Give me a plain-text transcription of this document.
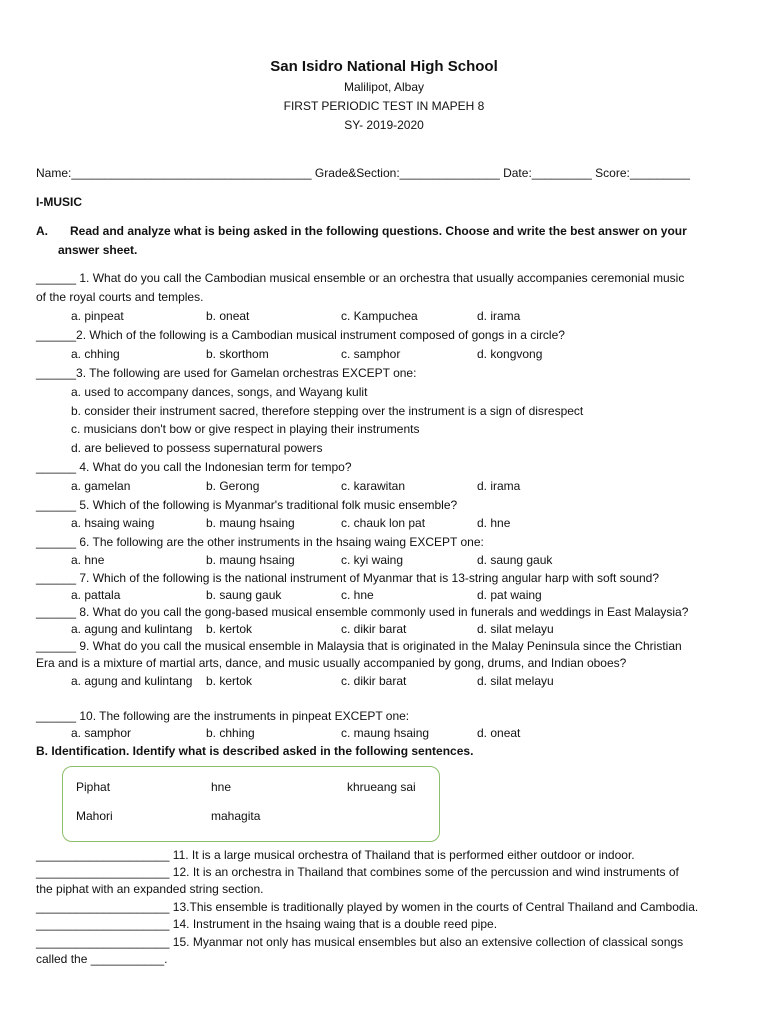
San Isidro National High School
Malilipot, Albay
FIRST PERIODIC TEST IN MAPEH 8
SY- 2019-2020
Name:____________________________________ Grade&Section:_______________ Date:_________ Score:_________
I-MUSIC
A. Read and analyze what is being asked in the following questions. Choose and write the best answer on your
answer sheet.
______ 1. What do you call the Cambodian musical ensemble or an orchestra that usually accompanies ceremonial music
of the royal courts and temples.
a. pinpeat	b. oneat	c. Kampuchea	d. irama
______2. Which of the following is a Cambodian musical instrument composed of gongs in a circle?
a. chhing	b. skorthom	c. samphor	d. kongvong
______3. The following are used for Gamelan orchestras EXCEPT one:
a. used to accompany dances, songs, and Wayang kulit
b. consider their instrument sacred, therefore stepping over the instrument is a sign of disrespect
c. musicians don't bow or give respect in playing their instruments
d. are believed to possess supernatural powers
______ 4. What do you call the Indonesian term for tempo?
a. gamelan	b. Gerong	c. karawitan	d. irama
______ 5. Which of the following is Myanmar's traditional folk music ensemble?
a. hsaing waing	b. maung hsaing	c. chauk lon pat	d. hne
______ 6. The following are the other instruments in the hsaing waing EXCEPT one:
a. hne	b. maung hsaing	c. kyi waing	d. saung gauk
______ 7. Which of the following is the national instrument of Myanmar that is 13-string angular harp with soft sound?
a. pattala	b. saung gauk	c. hne	d. pat waing
______ 8. What do you call the gong-based musical ensemble commonly used in funerals and weddings in East Malaysia?
a. agung and kulintang b. kertok	c. dikir barat	d. silat melayu
______ 9. What do you call the musical ensemble in Malaysia that is originated in the Malay Peninsula since the Christian
Era and is a mixture of martial arts, dance, and music usually accompanied by gong, drums, and Indian oboes?
a. agung and kulintang b. kertok	c. dikir barat	d. silat melayu
______ 10. The following are the instruments in pinpeat EXCEPT one:
a. samphor	b. chhing	c. maung hsaing	d. oneat
B. Identification. Identify what is described asked in the following sentences.
Piphat	hne	khrueang sai
Mahori	mahagita
____________________ 11. It is a large musical orchestra of Thailand that is performed either outdoor or indoor.
____________________ 12. It is an orchestra in Thailand that combines some of the percussion and wind instruments of
the piphat with an expanded string section.
____________________ 13.This ensemble is traditionally played by women in the courts of Central Thailand and Cambodia.
____________________ 14. Instrument in the hsaing waing that is a double reed pipe.
____________________ 15. Myanmar not only has musical ensembles but also an extensive collection of classical songs
called the ___________.
